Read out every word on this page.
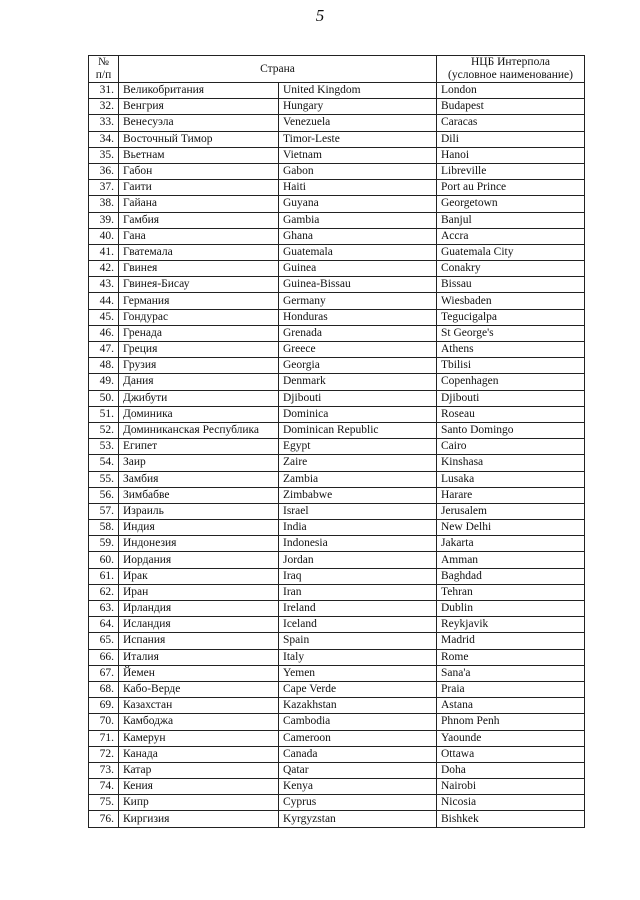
5
№
п/п	Страна		НЦБ Интерпола
(условное наименование)
31.	Великобритания	United Kingdom	London
32.	Венгрия	Hungary	Budapest
33.	Венесуэла	Venezuela	Caracas
34.	Восточный Тимор	Timor-Leste	Dili
35.	Вьетнам	Vietnam	Hanoi
36.	Габон	Gabon	Libreville
37.	Гаити	Haiti	Port au Prince
38.	Гайана	Guyana	Georgetown
39.	Гамбия	Gambia	Banjul
40.	Гана	Ghana	Accra
41.	Гватемала	Guatemala	Guatemala City
42.	Гвинея	Guinea	Conakry
43.	Гвинея-Бисау	Guinea-Bissau	Bissau
44.	Германия	Germany	Wiesbaden
45.	Гондурас	Honduras	Tegucigalpa
46.	Гренада	Grenada	St George's
47.	Греция	Greece	Athens
48.	Грузия	Georgia	Tbilisi
49.	Дания	Denmark	Copenhagen
50.	Джибути	Djibouti	Djibouti
51.	Доминика	Dominica	Roseau
52.	Доминиканская Республика	Dominican Republic	Santo Domingo
53.	Египет	Egypt	Cairo
54.	Заир	Zaire	Kinshasa
55.	Замбия	Zambia	Lusaka
56.	Зимбабве	Zimbabwe	Harare
57.	Израиль	Israel	Jerusalem
58.	Индия	India	New Delhi
59.	Индонезия	Indonesia	Jakarta
60.	Иордания	Jordan	Amman
61.	Ирак	Iraq	Baghdad
62.	Иран	Iran	Tehran
63.	Ирландия	Ireland	Dublin
64.	Исландия	Iceland	Reykjavik
65.	Испания	Spain	Madrid
66.	Италия	Italy	Rome
67.	Йемен	Yemen	Sana'a
68.	Кабо-Верде	Cape Verde	Praia
69.	Казахстан	Kazakhstan	Astana
70.	Камбоджа	Cambodia	Phnom Penh
71.	Камерун	Cameroon	Yaounde
72.	Канада	Canada	Ottawa
73.	Катар	Qatar	Doha
74.	Кения	Kenya	Nairobi
75.	Кипр	Cyprus	Nicosia
76.	Киргизия	Kyrgyzstan	Bishkek
